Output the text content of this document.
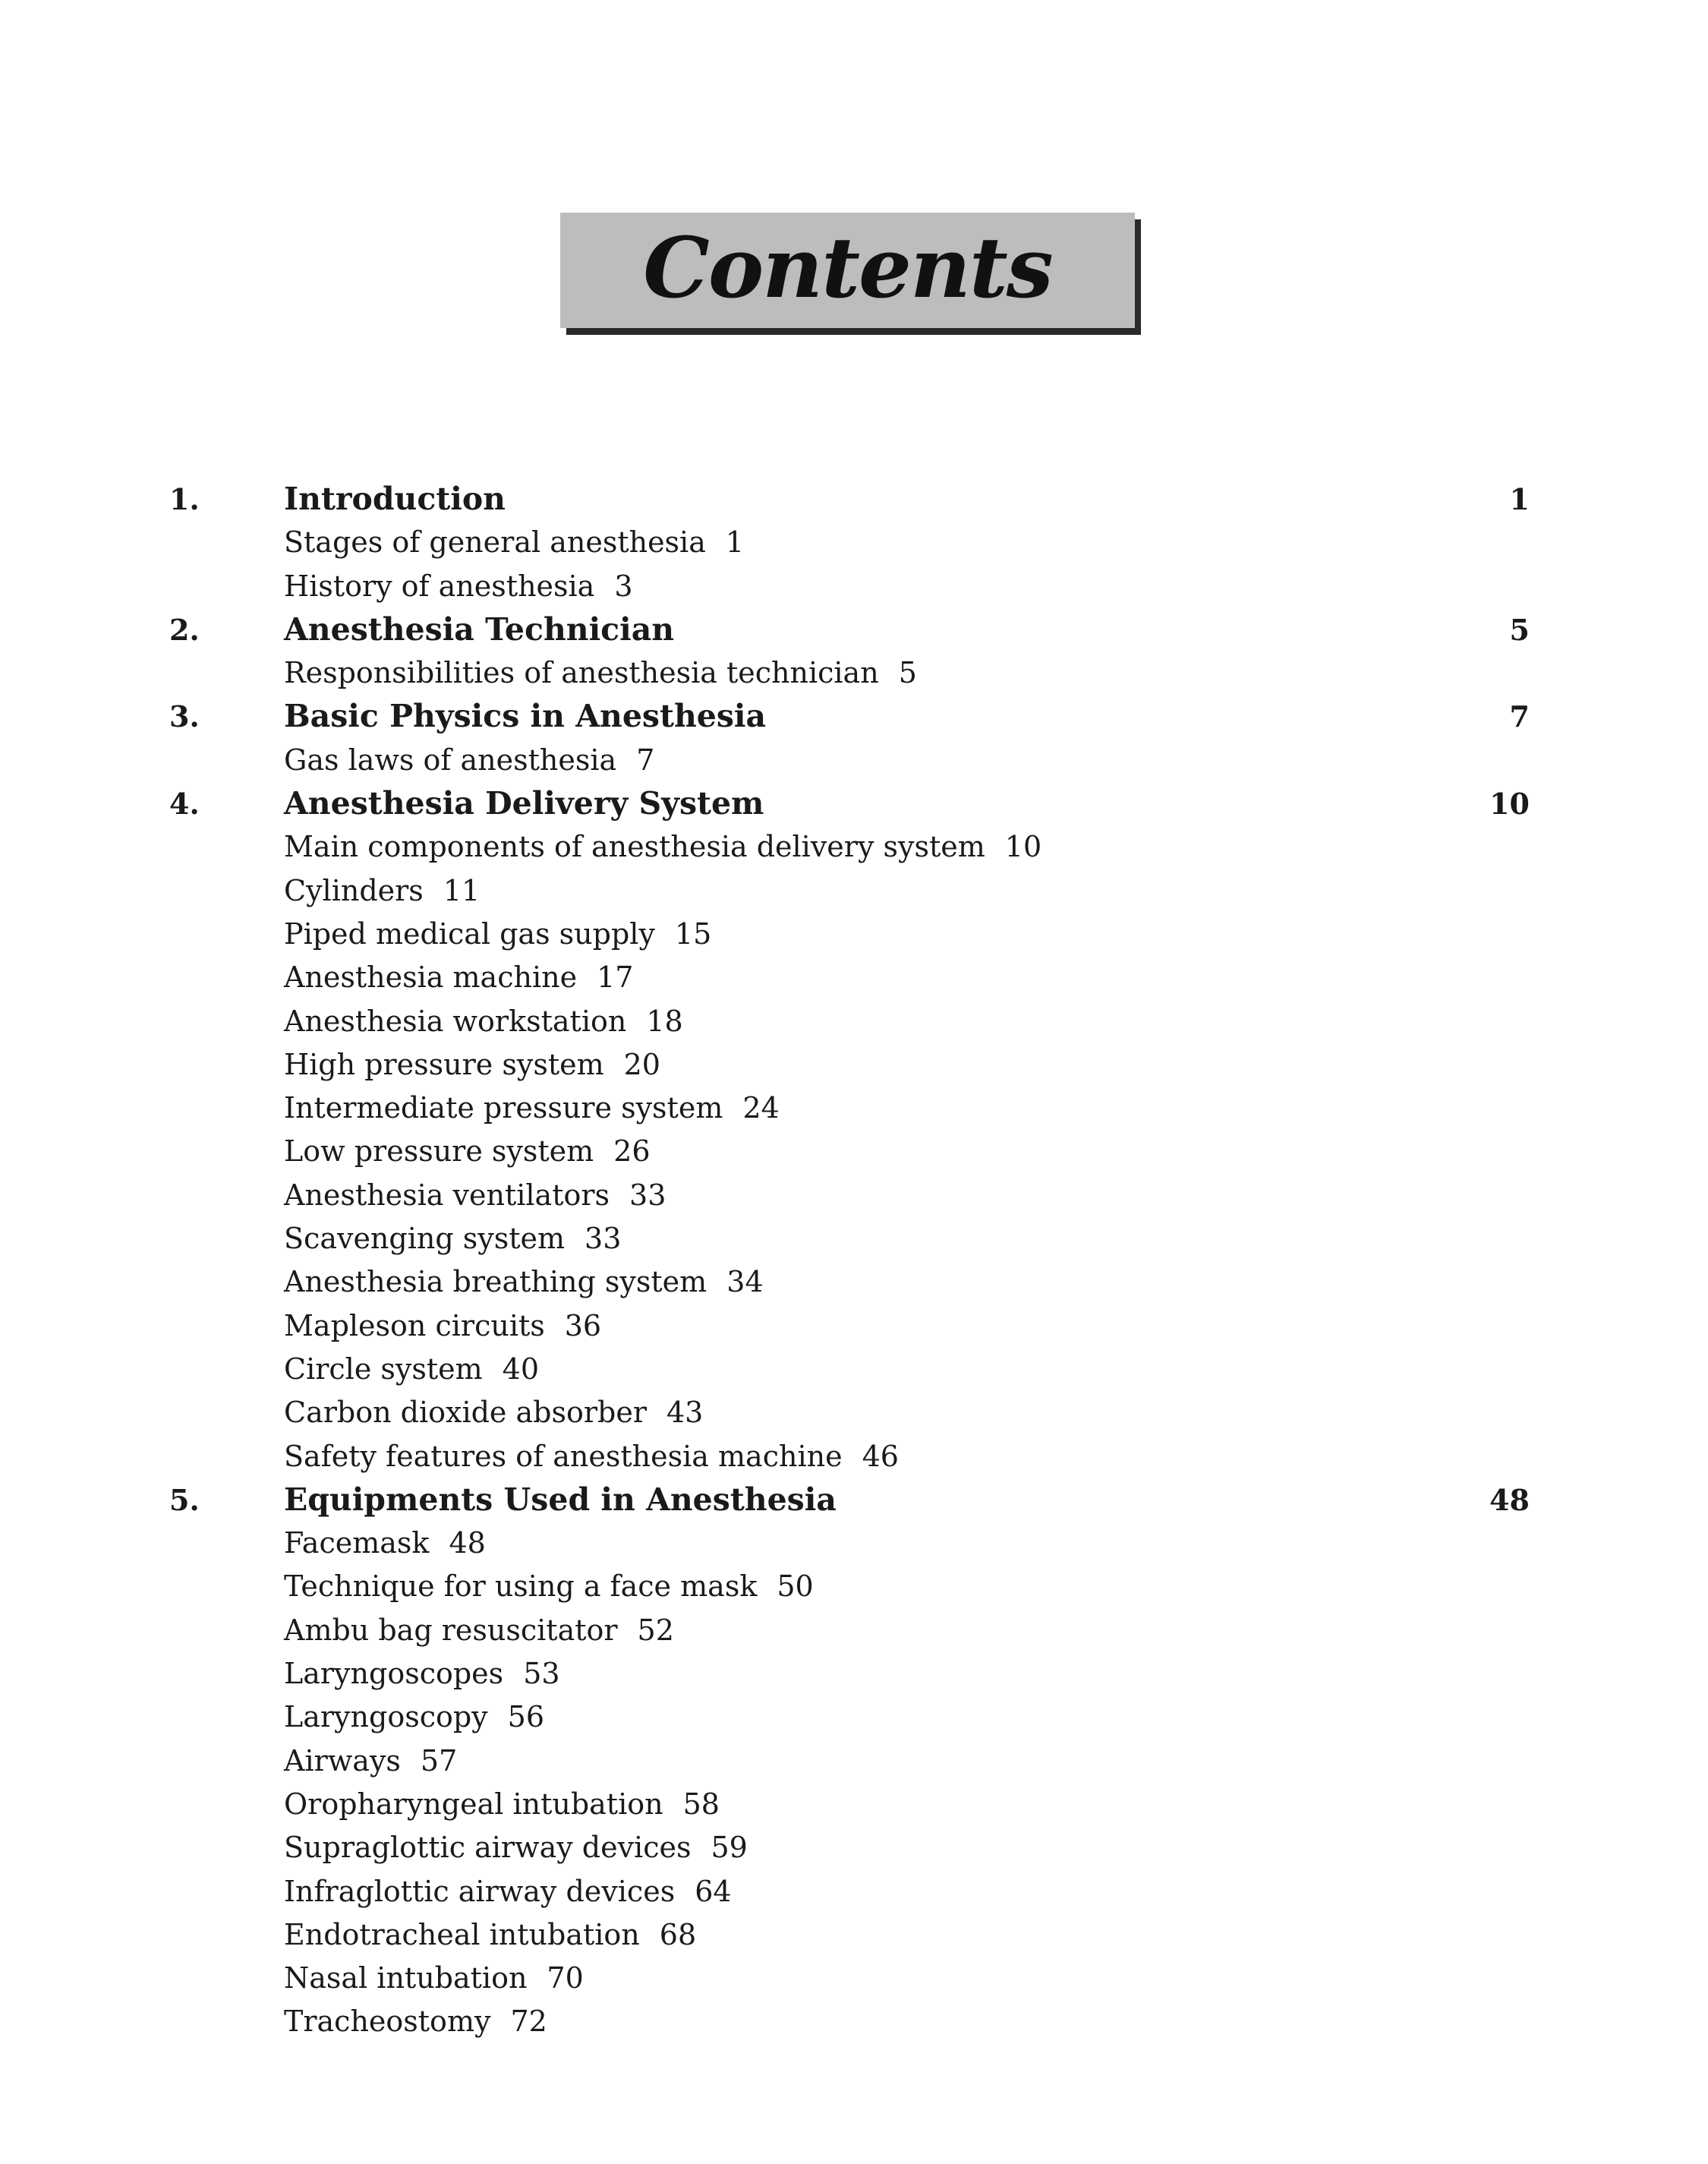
Contents
1.	Introduction	1
Stages of general anesthesia 1
History of anesthesia 3
2.	Anesthesia Technician	5
Responsibilities of anesthesia technician 5
3.	Basic Physics in Anesthesia	7
Gas laws of anesthesia 7
4.	Anesthesia Delivery System	10
Main components of anesthesia delivery system 10
Cylinders 11
Piped medical gas supply 15
Anesthesia machine 17
Anesthesia workstation 18
High pressure system 20
Intermediate pressure system 24
Low pressure system 26
Anesthesia ventilators 33
Scavenging system 33
Anesthesia breathing system 34
Mapleson circuits 36
Circle system 40
Carbon dioxide absorber 43
Safety features of anesthesia machine 46
5.	Equipments Used in Anesthesia	48
Facemask 48
Technique for using a face mask 50
Ambu bag resuscitator 52
Laryngoscopes 53
Laryngoscopy 56
Airways 57
Oropharyngeal intubation 58
Supraglottic airway devices 59
Infraglottic airway devices 64
Endotracheal intubation 68
Nasal intubation 70
Tracheostomy 72
